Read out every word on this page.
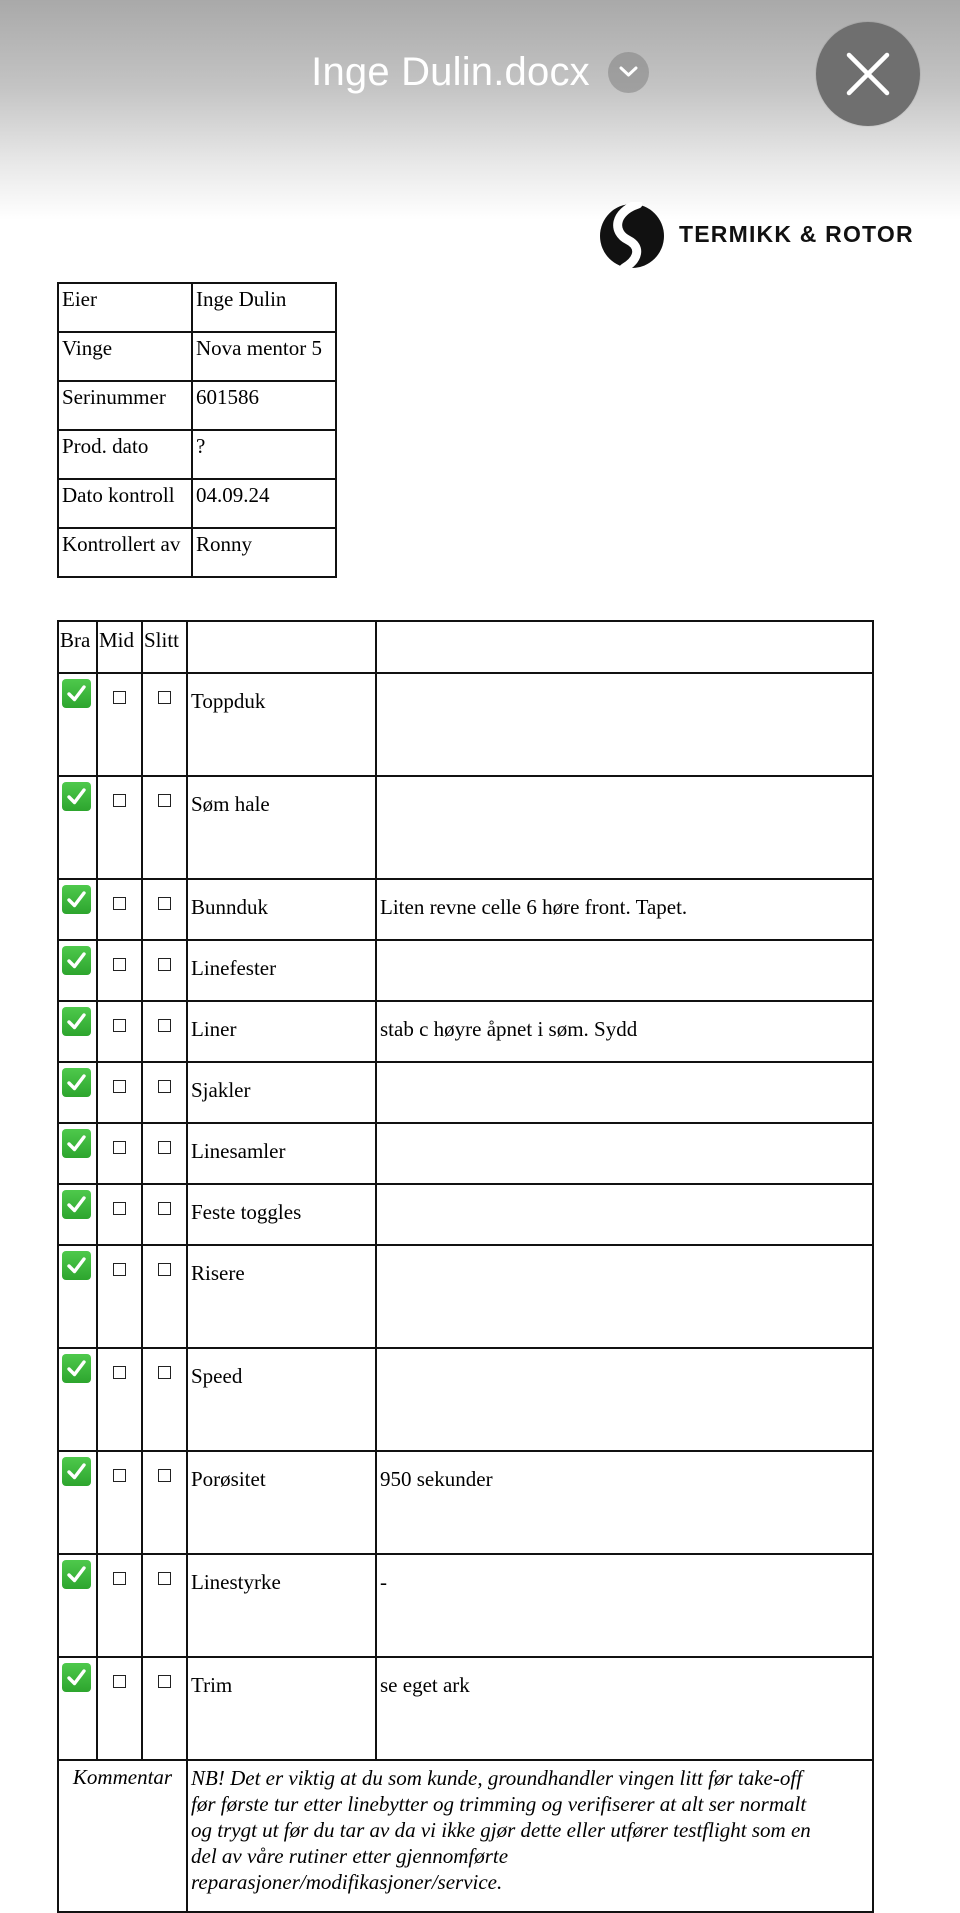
Inge Dulin.docx
TERMIKK & ROTOR
Eier	Inge Dulin
Vinge	Nova mentor 5
Serinummer	601586
Prod. dato	?
Dato kontroll	04.09.24
Kontrollert av	Ronny
Bra	Mid	Slitt		

			Toppduk	

			Søm hale	

			Bunnduk	Liten revne celle 6 høre front. Tapet.

			Linefester	

			Liner	stab c høyre åpnet i søm. Sydd

			Sjakler	

			Linesamler	

			Feste toggles	

			Risere	

			Speed	

			Porøsitet	950 sekunder

			Linestyrke	-

			Trim	se eget ark
Kommentar			NB! Det er viktig at du som kunde, groundhandler vingen litt før take-off
før første tur etter linebytter og trimming og verifiserer at alt ser normalt
og trygt ut før du tar av da vi ikke gjør dette eller utfører testflight som en
del av våre rutiner etter gjennomførte
reparasjoner/modifikasjoner/service.	
